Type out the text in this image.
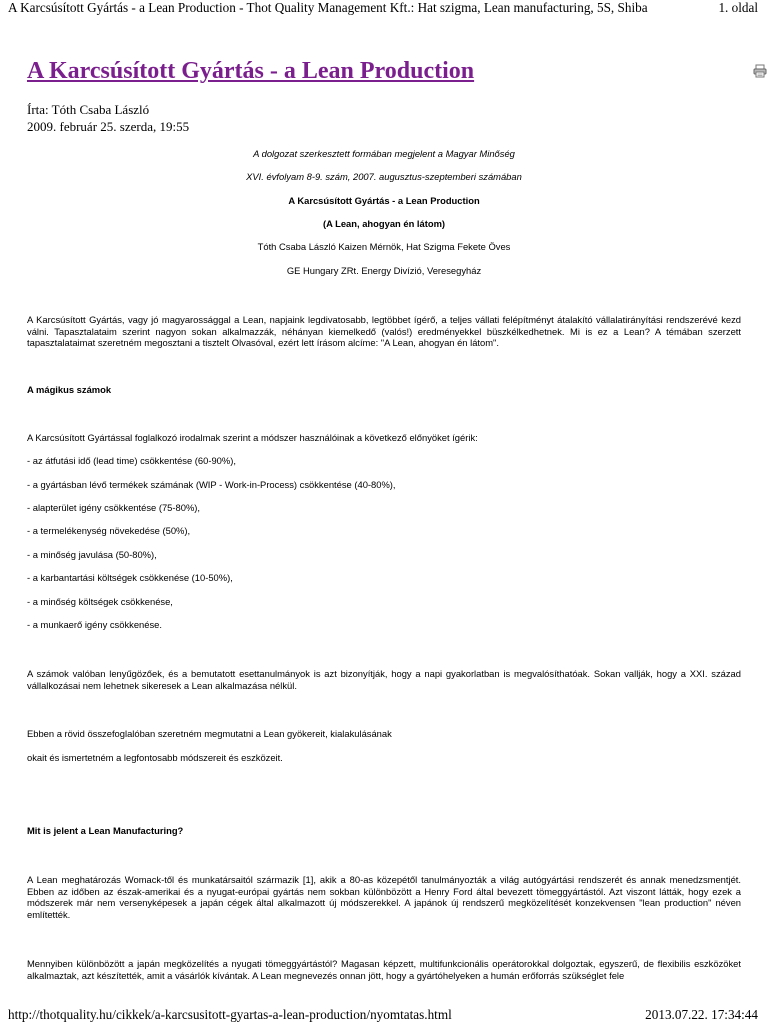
A Karcsúsított Gyártás - a Lean Production - Thot Quality Management Kft.: Hat szigma, Lean manufacturing, 5S, Shiba	1. oldal
A Karcsúsított Gyártás - a Lean Production
Írta: Tóth Csaba László
2009. február 25. szerda, 19:55

A dolgozat szerkesztett formában megjelent a Magyar Minőség

XVI. évfolyam 8-9. szám, 2007. augusztus-szeptemberi számában

A Karcsúsított Gyártás - a Lean Production

(A Lean, ahogyan én látom)

Tóth Csaba László Kaizen Mérnök, Hat Szigma Fekete Öves

GE Hungary ZRt. Energy Divízió, Veresegyház

A Karcsúsított Gyártás, vagy jó magyarossággal a Lean, napjaink legdivatosabb, legtöbbet ígérő, a teljes vállati felépítményt átalakító vállalatirányítási rendszerévé kezd válni. Tapasztalataim szerint nagyon sokan alkalmazzák, néhányan kiemelkedő (valós!) eredményekkel büszkélkedhetnek. Mi is ez a Lean? A témában szerzett tapasztalataimat szeretném megosztani a tisztelt Olvasóval, ezért lett írásom alcíme: "A Lean, ahogyan én látom".

A mágikus számok

A Karcsúsított Gyártással foglalkozó irodalmak szerint a módszer használóinak a következő előnyöket ígérik:

- az átfutási idő (lead time) csökkentése (60-90%),

- a gyártásban lévő termékek számának (WIP - Work-in-Process) csökkentése (40-80%),

- alapterület igény csökkentése (75-80%),

- a termelékenység növekedése (50%),

- a minőség javulása (50-80%),

- a karbantartási költségek csökkenése (10-50%),

- a minőség költségek csökkenése,

- a munkaerő igény csökkenése.

A számok valóban lenyűgözőek, és a bemutatott esettanulmányok is azt bizonyítják, hogy a napi gyakorlatban is megvalósíthatóak. Sokan vallják, hogy a XXI. század vállalkozásai nem lehetnek sikeresek a Lean alkalmazása nélkül.

Ebben a rövid összefoglalóban szeretném megmutatni a Lean gyökereit, kialakulásának

okait és ismertetném a legfontosabb módszereit és eszközeit.

Mit is jelent a Lean Manufacturing?

A Lean meghatározás Womack-től és munkatársaitól származik [1], akik a 80-as közepétől tanulmányozták a világ autógyártási rendszerét és annak menedzsmentjét. Ebben az időben az észak-amerikai és a nyugat-európai gyártás nem sokban különbözött a Henry Ford által bevezett tömeggyártástól. Azt viszont látták, hogy ezek a módszerek már nem versenyképesek a japán cégek által alkalmazott új módszerekkel. A japánok új rendszerű megközelítését konzekvensen "lean production" néven említették.

Mennyiben különbözött a japán megközelítés a nyugati tömeggyártástól? Magasan képzett, multifunkcionális operátorokkal dolgoztak, egyszerű, de flexibilis eszközöket alkalmaztak, azt készítették, amit a vásárlók kívántak. A Lean megnevezés onnan jött, hogy a gyártóhelyeken a humán erőforrás szükséglet fele

http://thotquality.hu/cikkek/a-karcsusitott-gyartas-a-lean-production/nyomtatas.html	2013.07.22. 17:34:44
